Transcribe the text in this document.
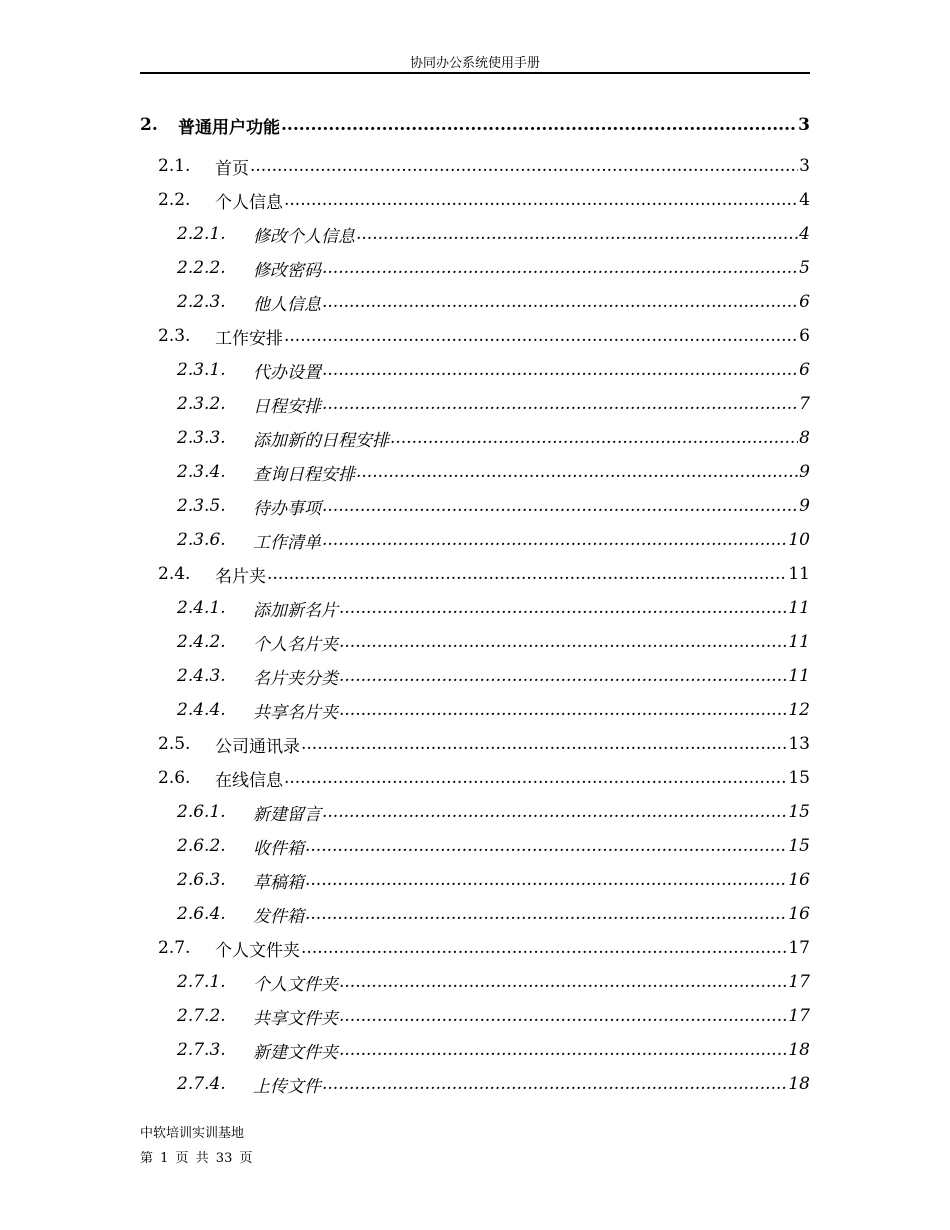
协同办公系统使用手册
2.	普通用户功能 .....	3
2.1.	首页 .....	3
2.2.	个人信息 .....	4
2.2.1.	修改个人信息 .....	4
2.2.2.	修改密码 .....	5
2.2.3.	他人信息 .....	6
2.3.	工作安排 .....	6
2.3.1.	代办设置 .....	6
2.3.2.	日程安排 .....	7
2.3.3.	添加新的日程安排 .....	8
2.3.4.	查询日程安排 .....	9
2.3.5.	待办事项 .....	9
2.3.6.	工作清单 .....	10
2.4.	名片夹 .....	11
2.4.1.	添加新名片 .....	11
2.4.2.	个人名片夹 .....	11
2.4.3.	名片夹分类 .....	11
2.4.4.	共享名片夹 .....	12
2.5.	公司通讯录 .....	13
2.6.	在线信息 .....	15
2.6.1.	新建留言 .....	15
2.6.2.	收件箱 .....	15
2.6.3.	草稿箱 .....	16
2.6.4.	发件箱 .....	16
2.7.	个人文件夹 .....	17
2.7.1.	个人文件夹 .....	17
2.7.2.	共享文件夹 .....	17
2.7.3.	新建文件夹 .....	18
2.7.4.	上传文件 .....	18
中软培训实训基地
第 1 页 共 33 页
